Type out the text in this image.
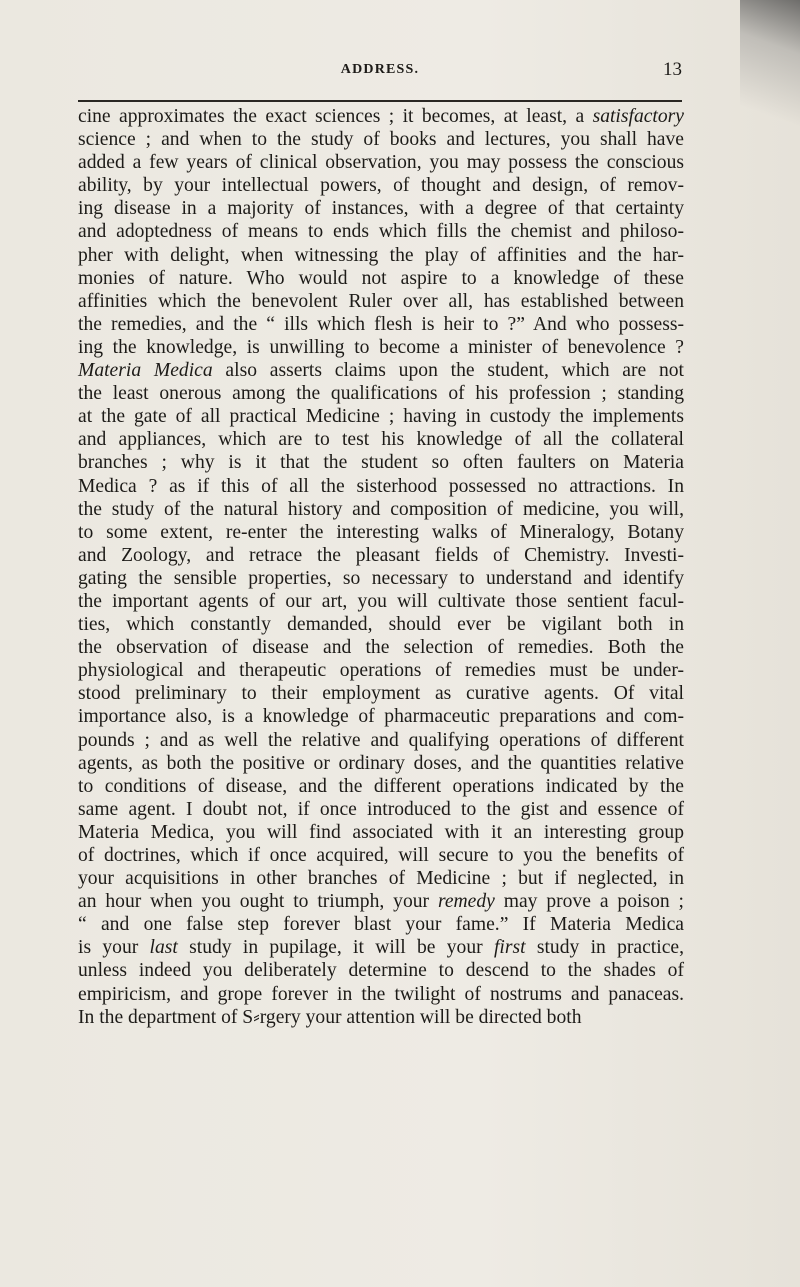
ADDRESS.	13
cine approximates the exact sciences ; it becomes, at least, a satisfactory
science ; and when to the study of books and lectures, you shall have
added a few years of clinical observation, you may possess the conscious
ability, by your intellectual powers, of thought and design, of remov-
ing disease in a majority of instances, with a degree of that certainty
and adoptedness of means to ends which fills the chemist and philoso-
pher with delight, when witnessing the play of affinities and the har-
monies of nature. Who would not aspire to a knowledge of these
affinities which the benevolent Ruler over all, has established between
the remedies, and the “ ills which flesh is heir to ?” And who possess-
ing the knowledge, is unwilling to become a minister of benevolence ?
Materia Medica also asserts claims upon the student, which are not
the least onerous among the qualifications of his profession ; standing
at the gate of all practical Medicine ; having in custody the implements
and appliances, which are to test his knowledge of all the collateral
branches ; why is it that the student so often faulters on Materia
Medica ? as if this of all the sisterhood possessed no attractions. In
the study of the natural history and composition of medicine, you will,
to some extent, re-enter the interesting walks of Mineralogy, Botany
and Zoology, and retrace the pleasant fields of Chemistry. Investi-
gating the sensible properties, so necessary to understand and identify
the important agents of our art, you will cultivate those sentient facul-
ties, which constantly demanded, should ever be vigilant both in
the observation of disease and the selection of remedies. Both the
physiological and therapeutic operations of remedies must be under-
stood preliminary to their employment as curative agents. Of vital
importance also, is a knowledge of pharmaceutic preparations and com-
pounds ; and as well the relative and qualifying operations of different
agents, as both the positive or ordinary doses, and the quantities relative
to conditions of disease, and the different operations indicated by the
same agent. I doubt not, if once introduced to the gist and essence of
Materia Medica, you will find associated with it an interesting group
of doctrines, which if once acquired, will secure to you the benefits of
your acquisitions in other branches of Medicine ; but if neglected, in
an hour when you ought to triumph, your remedy may prove a poison ;
“ and one false step forever blast your fame.” If Materia Medica
is your last study in pupilage, it will be your first study in practice,
unless indeed you deliberately determine to descend to the shades of
empiricism, and grope forever in the twilight of nostrums and panaceas.
In the department of S⸗rgery your attention will be directed both
